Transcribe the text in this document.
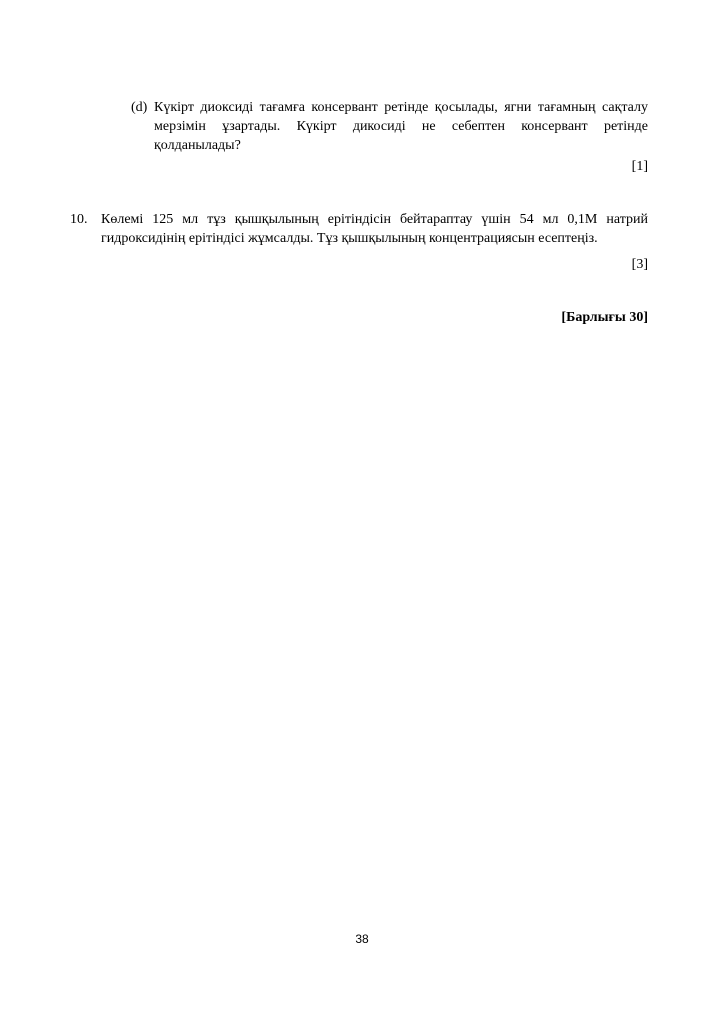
(d) Күкірт диоксиді тағамға консервант ретінде қосылады, ягни тағамның сақталу мерзімін ұзартады. Күкірт дикосиді не себептен консервант ретінде қолданылады?
[1]
10. Көлемі 125 мл тұз қышқылының ерітіндісін бейтараптау үшін 54 мл 0,1М натрий гидроксидінің ерітіндісі жұмсалды. Тұз қышқылының концентрациясын есептеңіз.
[3]
[Барлығы 30]
38
